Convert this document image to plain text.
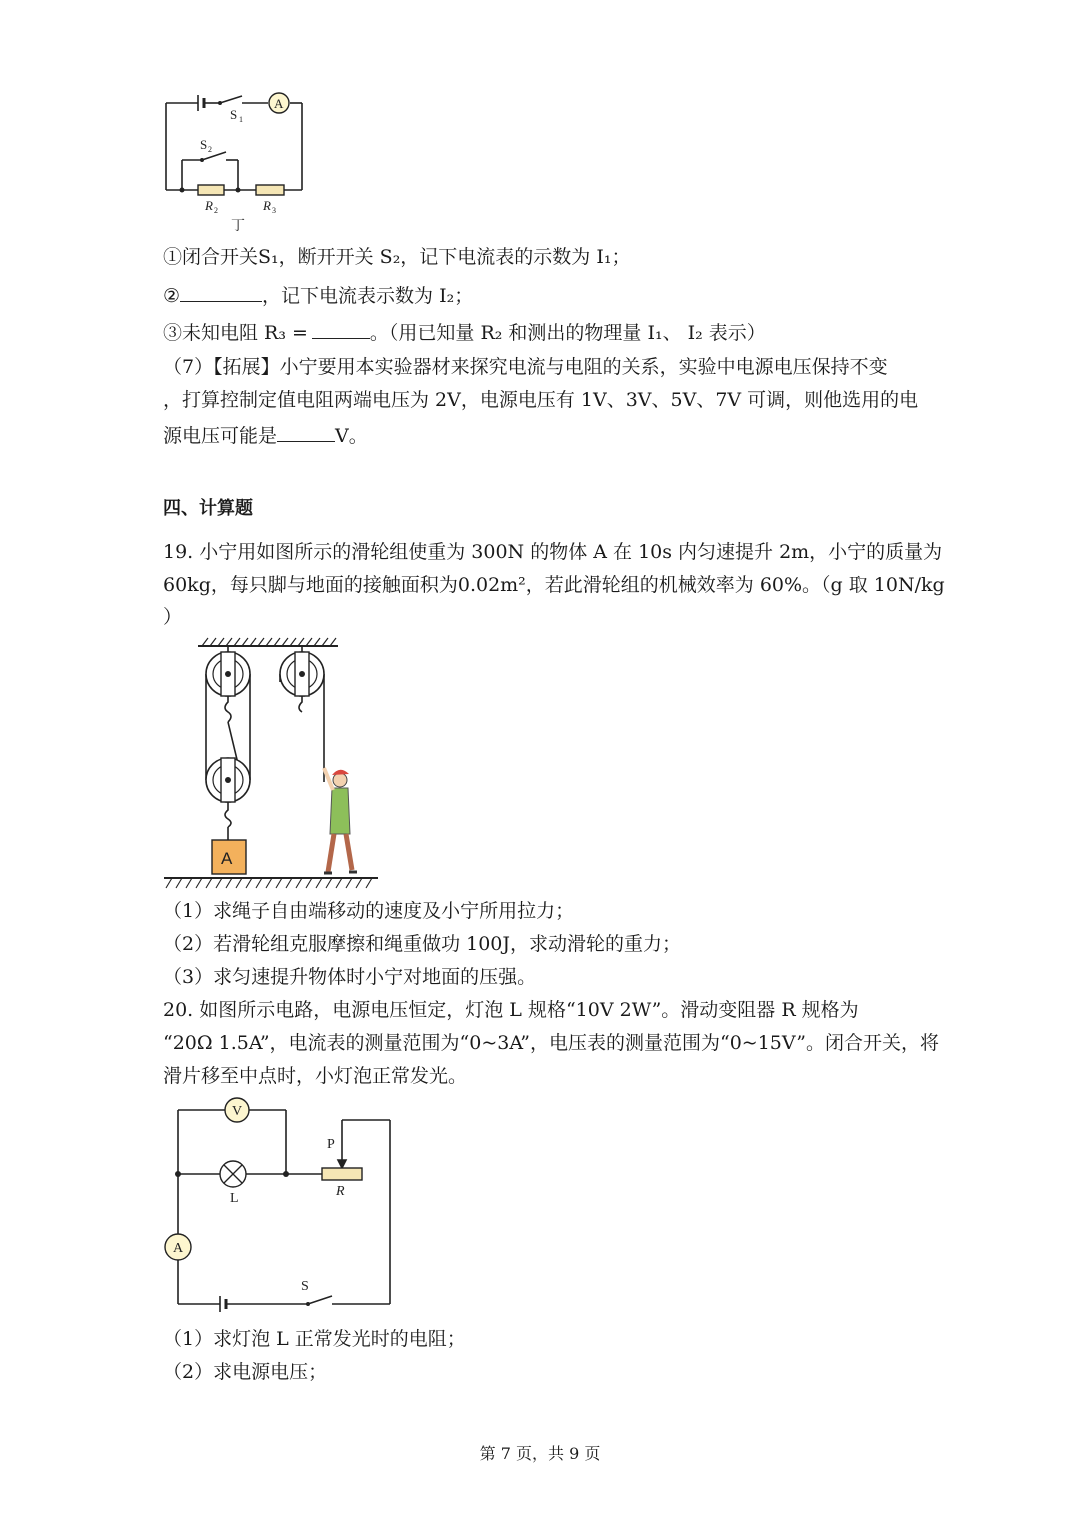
A
S 1
S 2
R 2	R 3
丁
①闭合开关S₁，断开开关 S₂，记下电流表的示数为 I₁；
②	，记下电流表示数为 I₂；
③未知电阻 R₃ =	。（用已知量 R₂ 和测出的物理量 I₁、 I₂ 表示）
（7）【拓展】小宁要用本实验器材来探究电流与电阻的关系，实验中电源电压保持不变
，打算控制定值电阻两端电压为 2V，电源电压有 1V、3V、5V、7V 可调，则他选用的电
源电压可能是	V。
四、计算题
19. 小宁用如图所示的滑轮组使重为 300N 的物体 A 在 10s 内匀速提升 2m，小宁的质量为
60kg，每只脚与地面的接触面积为0.02m²，若此滑轮组的机械效率为 60%。（g 取 10N/kg
）
A
（1）求绳子自由端移动的速度及小宁所用拉力；
（2）若滑轮组克服摩擦和绳重做功 100J，求动滑轮的重力；
（3）求匀速提升物体时小宁对地面的压强。
20. 如图所示电路，电源电压恒定，灯泡 L 规格“10V 2W”。滑动变阻器 R 规格为
“20Ω 1.5A”，电流表的测量范围为“0~3A”，电压表的测量范围为“0~15V”。闭合开关，将
滑片移至中点时，小灯泡正常发光。
V
L
P
R
A
S
（1）求灯泡 L 正常发光时的电阻；
（2）求电源电压；
第 7 页，共 9 页
